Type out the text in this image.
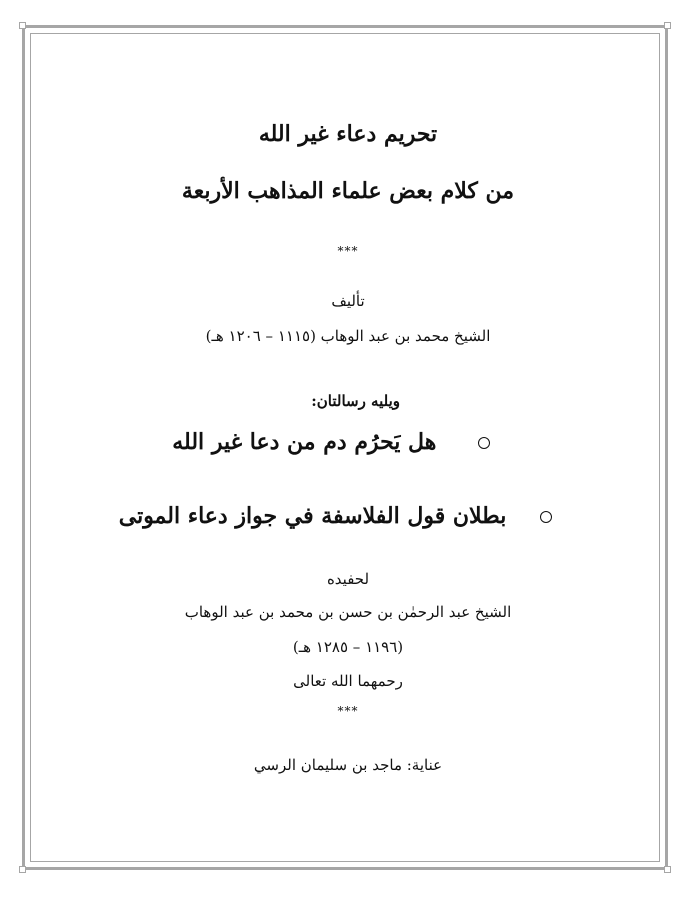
تحريم دعاء غير الله
من كلام بعض علماء المذاهب الأربعة
***
تأليف
الشيخ محمد بن عبد الوهاب (١١١٥ – ١٢٠٦ هـ)
ويليه رسالتان:
هل يَحرُم دم من دعا غير الله
بطلان قول الفلاسفة في جواز دعاء الموتى
لحفيده
الشيخ عبد الرحمٰن بن حسن بن محمد بن عبد الوهاب
(١١٩٦ – ١٢٨٥ هـ)
رحمهما الله تعالى
***
عناية: ماجد بن سليمان الرسي
